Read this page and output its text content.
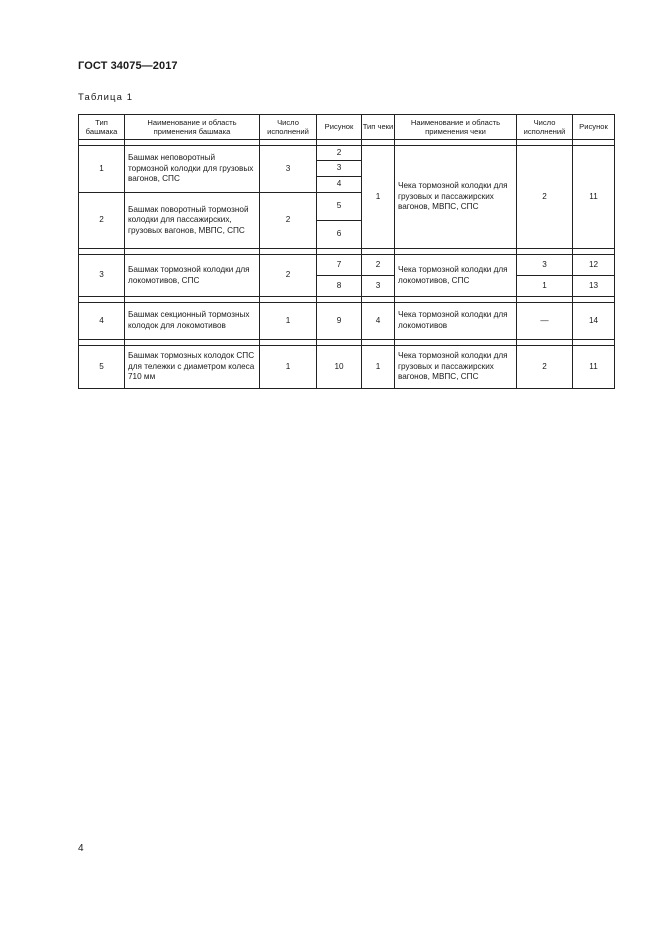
ГОСТ 34075—2017
Таблица 1
Тип башмака	Наименование и область применения башмака	Число исполнений	Рисунок	Тип чеки	Наименование и область применения чеки	Число исполнений	Рисунок

1	Башмак неповоротный тормозной колодки для грузовых вагонов, СПС	3	2	1	Чека тормозной колодки для грузовых и пассажирских вагонов, МВПС, СПС	2	11
			3				
			4				
2	Башмак поворотный тормозной колодки для пассажирских, грузовых вагонов, МВПС, СПС	2	5				
			6				

3	Башмак тормозной колодки для локомотивов, СПС	2	7	2	Чека тормозной колодки для локомотивов, СПС	3	12
			8	3		1	13

4	Башмак секционный тормозных колодок для локомотивов	1	9	4	Чека тормозной колодки для локомотивов	—	14

5	Башмак тормозных колодок СПС для тележки с диаметром колеса 710 мм	1	10	1	Чека тормозной колодки для грузовых и пассажирских вагонов, МВПС, СПС	2	11
4
